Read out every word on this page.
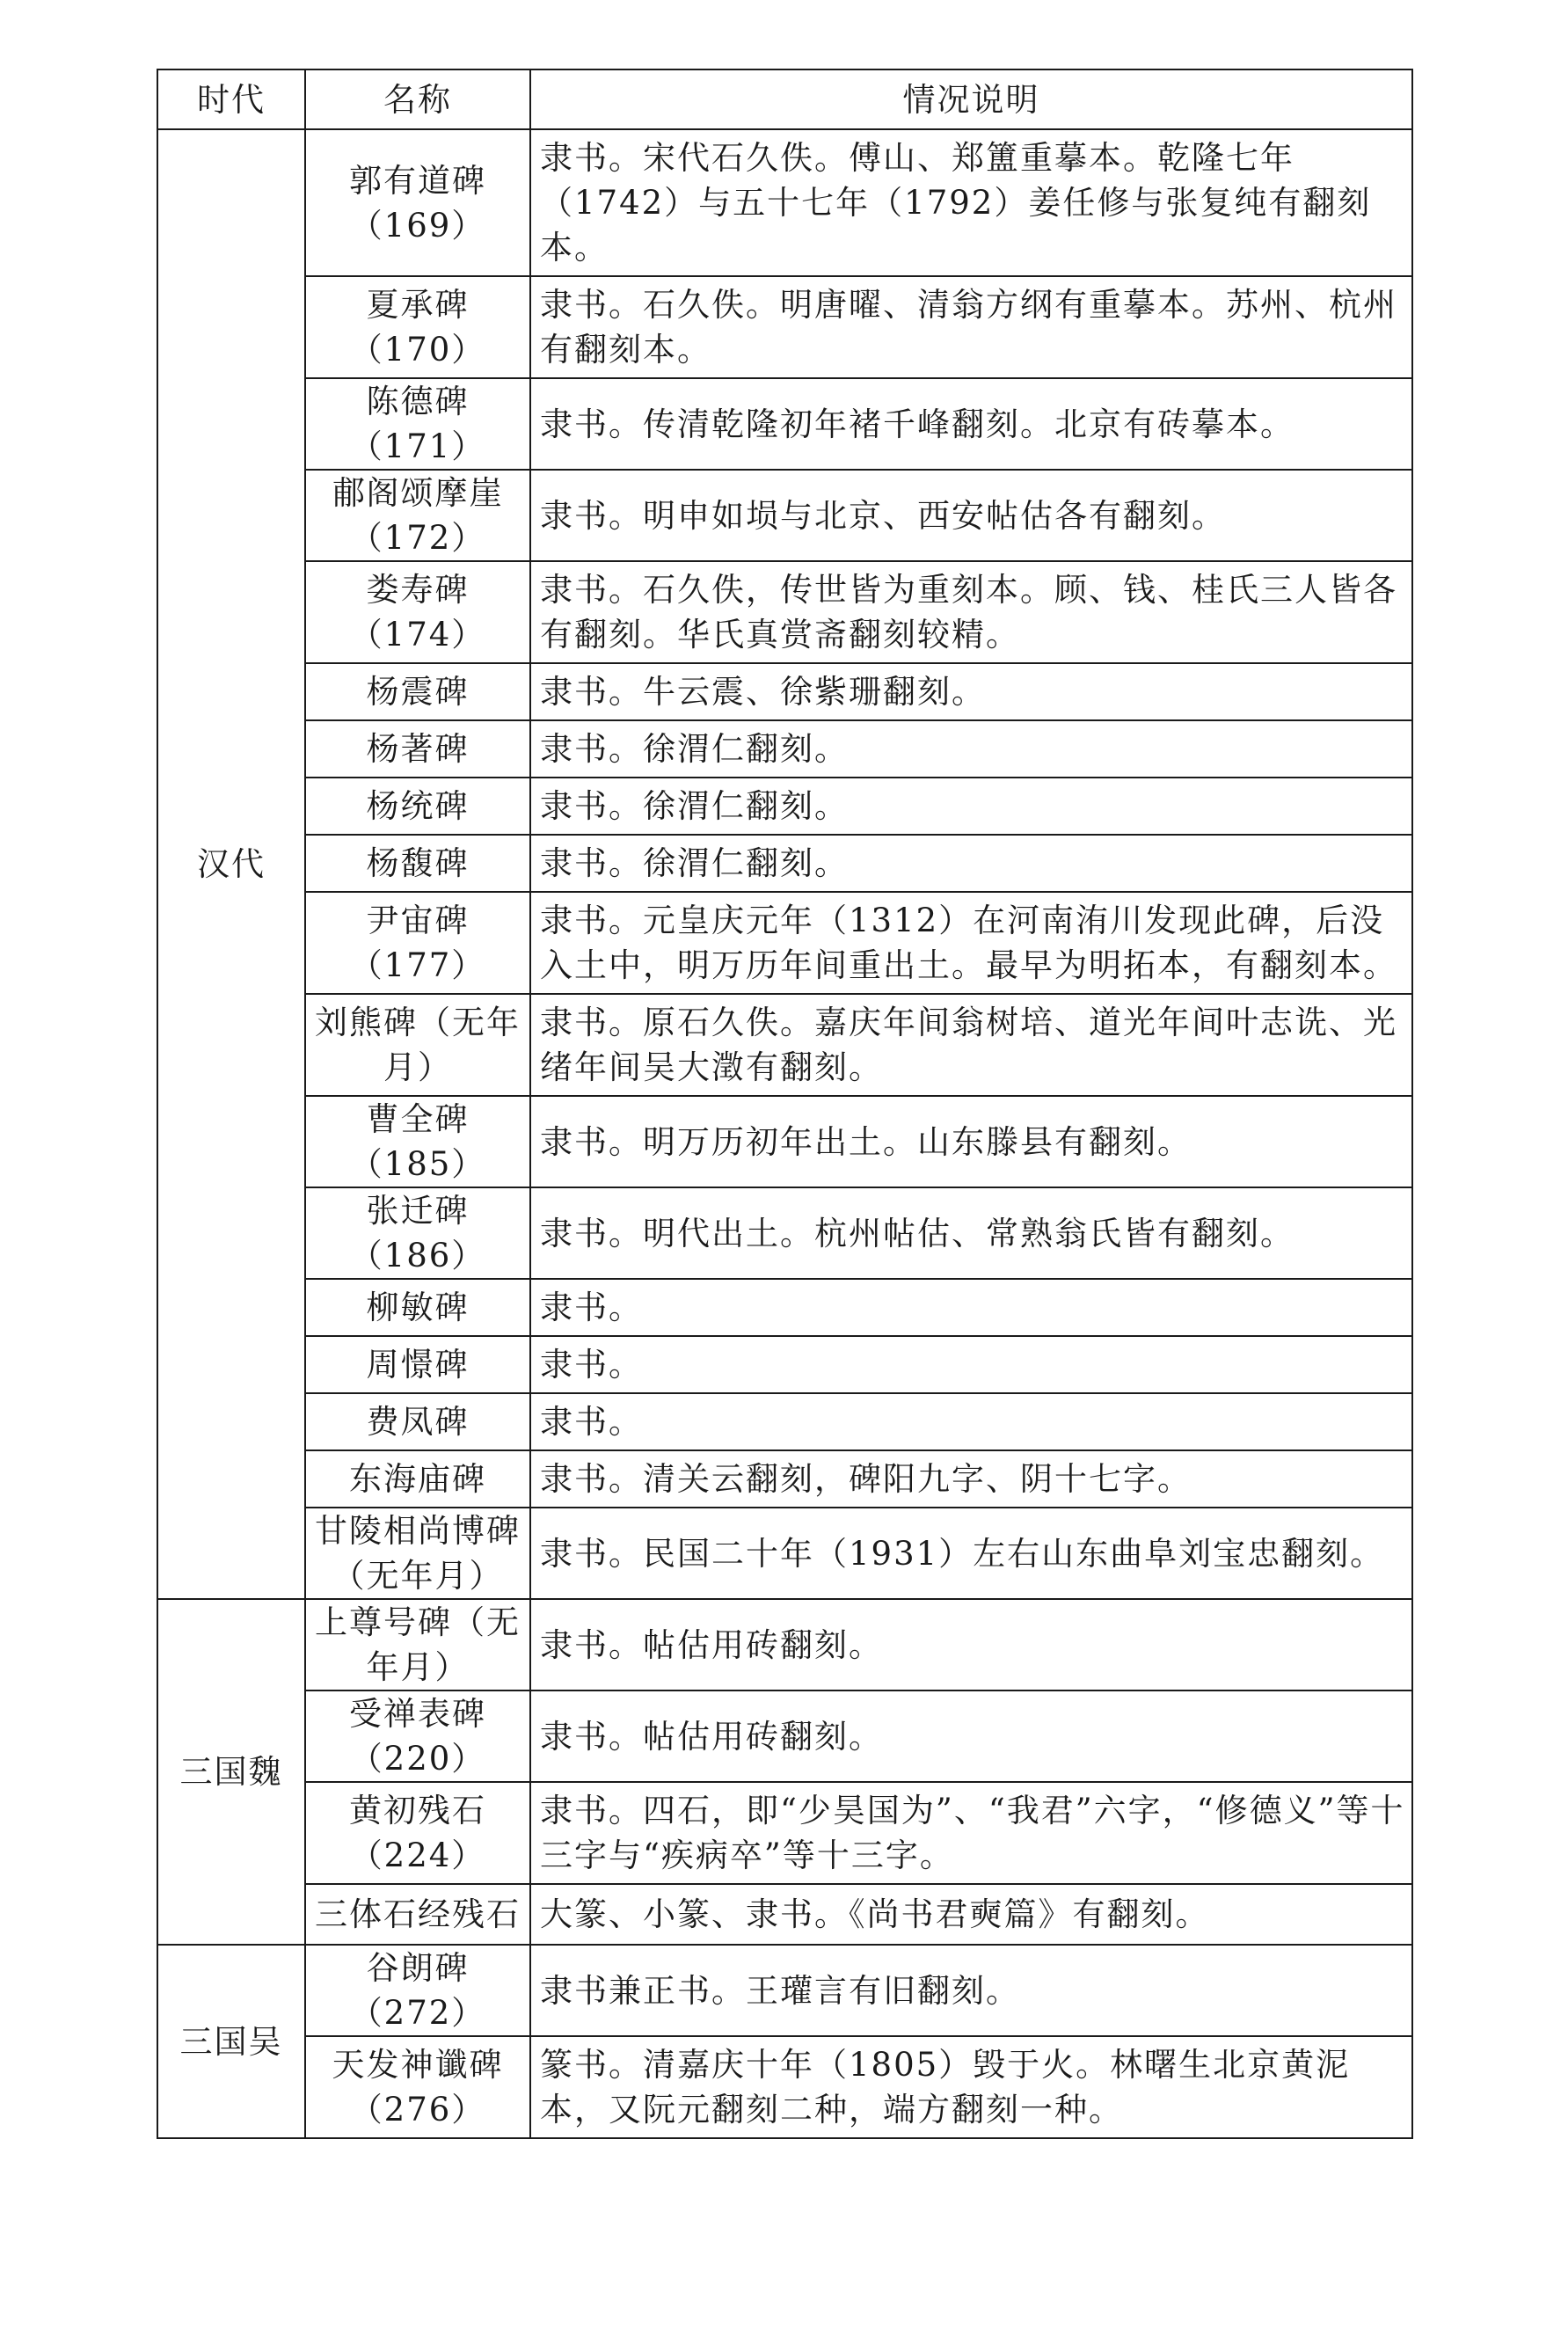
时代	名称	情况说明
汉代	郭有道碑（169）	隶书。宋代石久佚。傅山、郑簠重摹本。乾隆七年（1742）与五十七年（1792）姜任修与张复纯有翻刻本。
	夏承碑（170）	隶书。石久佚。明唐曜、清翁方纲有重摹本。苏州、杭州有翻刻本。
	陈德碑（171）	隶书。传清乾隆初年褚千峰翻刻。北京有砖摹本。
	郙阁颂摩崖（172）	隶书。明申如埙与北京、西安帖估各有翻刻。
	娄寿碑（174）	隶书。石久佚，传世皆为重刻本。顾、钱、桂氏三人皆各有翻刻。华氏真赏斋翻刻较精。
	杨震碑	隶书。牛云震、徐紫珊翻刻。
	杨著碑	隶书。徐渭仁翻刻。
	杨统碑	隶书。徐渭仁翻刻。
	杨馥碑	隶书。徐渭仁翻刻。
	尹宙碑（177）	隶书。元皇庆元年（1312）在河南洧川发现此碑，后没入土中，明万历年间重出土。最早为明拓本，有翻刻本。
	刘熊碑（无年月）	隶书。原石久佚。嘉庆年间翁树培、道光年间叶志诜、光绪年间吴大澂有翻刻。
	曹全碑（185）	隶书。明万历初年出土。山东滕县有翻刻。
	张迁碑（186）	隶书。明代出土。杭州帖估、常熟翁氏皆有翻刻。
	柳敏碑	隶书。
	周憬碑	隶书。
	费凤碑	隶书。
	东海庙碑	隶书。清关云翻刻，碑阳九字、阴十七字。
	甘陵相尚博碑（无年月）	隶书。民国二十年（1931）左右山东曲阜刘宝忠翻刻。
三国魏	上尊号碑（无年月）	隶书。帖估用砖翻刻。
	受禅表碑（220）	隶书。帖估用砖翻刻。
	黄初残石（224）	隶书。四石，即“少昊国为”、“我君”六字，“修德义”等十三字与“疾病卒”等十三字。
	三体石经残石	大篆、小篆、隶书。《尚书君奭篇》有翻刻。
三国吴	谷朗碑（272）	隶书兼正书。王瓘言有旧翻刻。
	天发神谶碑（276）	篆书。清嘉庆十年（1805）毁于火。林曙生北京黄泥本，又阮元翻刻二种，端方翻刻一种。
